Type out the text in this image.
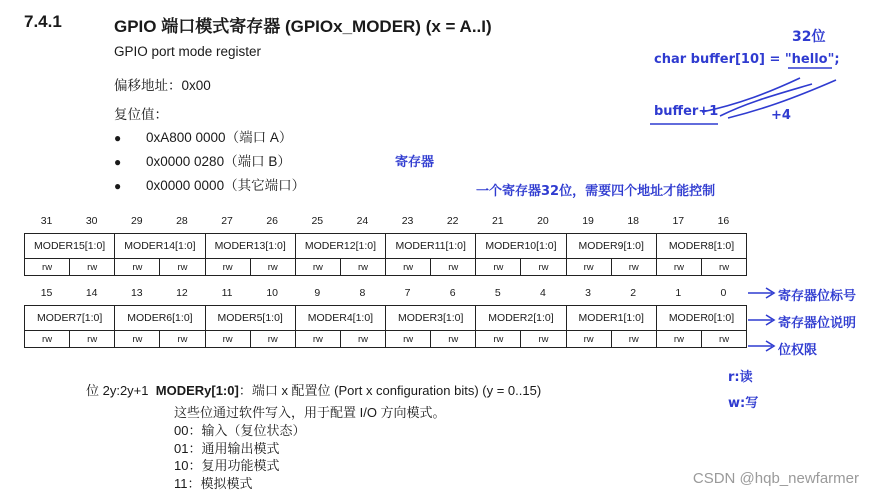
7.4.1	GPIO 端口模式寄存器 (GPIOx_MODER) (x = A..I)
GPIO port mode register
偏移地址：0x00
复位值：
● 0xA800 0000（端口 A）
● 0x0000 0280（端口 B）
● 0x0000 0000（其它端口）
32位
char buffer[10] = "hello";
buffer+1	+4
寄存器
一个寄存器32位，需要四个地址才能控制
寄存器位标号
寄存器位说明
位权限
r:读
w:写
31	30	29	28	27	26	25	24	23	22	21	20	19	18	17	16
MODER15[1:0]		MODER14[1:0]		MODER13[1:0]		MODER12[1:0]		MODER11[1:0]		MODER10[1:0]		MODER9[1:0]		MODER8[1:0]	
rw	rw	rw	rw	rw	rw	rw	rw	rw	rw	rw	rw	rw	rw	rw	rw
15	14	13	12	11	10	9	8	7	6	5	4	3	2	1	0
MODER7[1:0]		MODER6[1:0]		MODER5[1:0]		MODER4[1:0]		MODER3[1:0]		MODER2[1:0]		MODER1[1:0]		MODER0[1:0]	
rw	rw	rw	rw	rw	rw	rw	rw	rw	rw	rw	rw	rw	rw	rw	rw
位 2y:2y+1 MODERy[1:0]：端口 x 配置位 (Port x configuration bits) (y = 0..15)
这些位通过软件写入，用于配置 I/O 方向模式。
00：输入（复位状态）
01：通用输出模式
10：复用功能模式
11：模拟模式	CSDN @hqb_newfarmer
